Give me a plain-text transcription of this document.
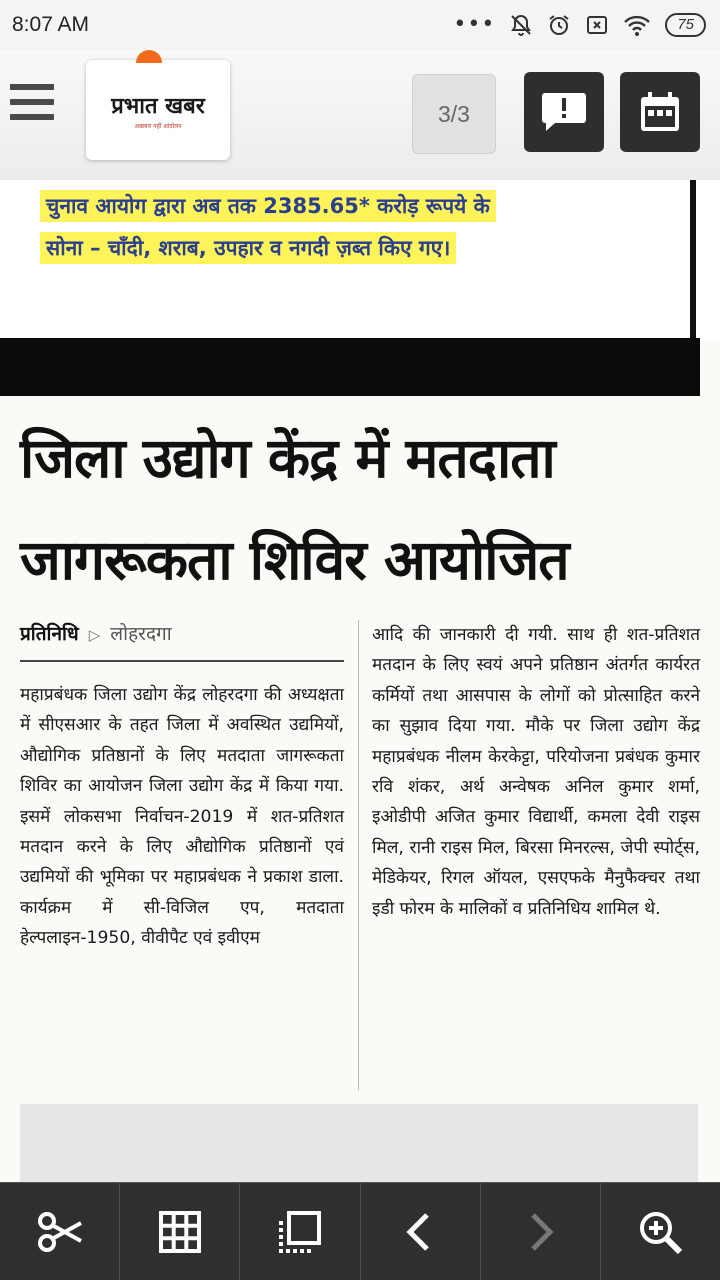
8:07 AM	•••	75
प्रभात खबर
अखबार नहीं आंदोलन	3/3
चुनाव आयोग द्वारा अब तक 2385.65* करोड़ रूपये के
सोना – चाँदी, शराब, उपहार व नगदी ज़ब्त किए गए।
जिला उद्योग केंद्र में मतदाता
जागरूकता शिविर आयोजित
प्रतिनिधि ▷ लोहरदगा
महाप्रबंधक जिला उद्योग केंद्र लोहरदगा की अध्यक्षता में सीएसआर के तहत जिला में अवस्थित उद्यमियों, औद्योगिक प्रतिष्ठानों के लिए मतदाता जागरूकता शिविर का आयोजन जिला उद्योग केंद्र में किया गया. इसमें लोकसभा निर्वाचन-2019 में शत-प्रतिशत मतदान करने के लिए औद्योगिक प्रतिष्ठानों एवं उद्यमियों की भूमिका पर महाप्रबंधक ने प्रकाश डाला. कार्यक्रम में सी-विजिल एप, मतदाता हेल्पलाइन-1950, वीवीपैट एवं इवीएम
आदि की जानकारी दी गयी. साथ ही शत-प्रतिशत मतदान के लिए स्वयं अपने प्रतिष्ठान अंतर्गत कार्यरत कर्मियों तथा आसपास के लोगों को प्रोत्साहित करने का सुझाव दिया गया. मौके पर जिला उद्योग केंद्र महाप्रबंधक नीलम केरकेट्टा, परियोजना प्रबंधक कुमार रवि शंकर, अर्थ अन्वेषक अनिल कुमार शर्मा, इओडीपी अजित कुमार विद्यार्थी, कमला देवी राइस मिल, रानी राइस मिल, बिरसा मिनरल्स, जेपी स्पोर्ट्स, मेडिकेयर, रिगल ऑयल, एसएफके मैनुफैक्चर तथा इडी फोरम के मालिकों व प्रतिनिधिय शामिल थे.
